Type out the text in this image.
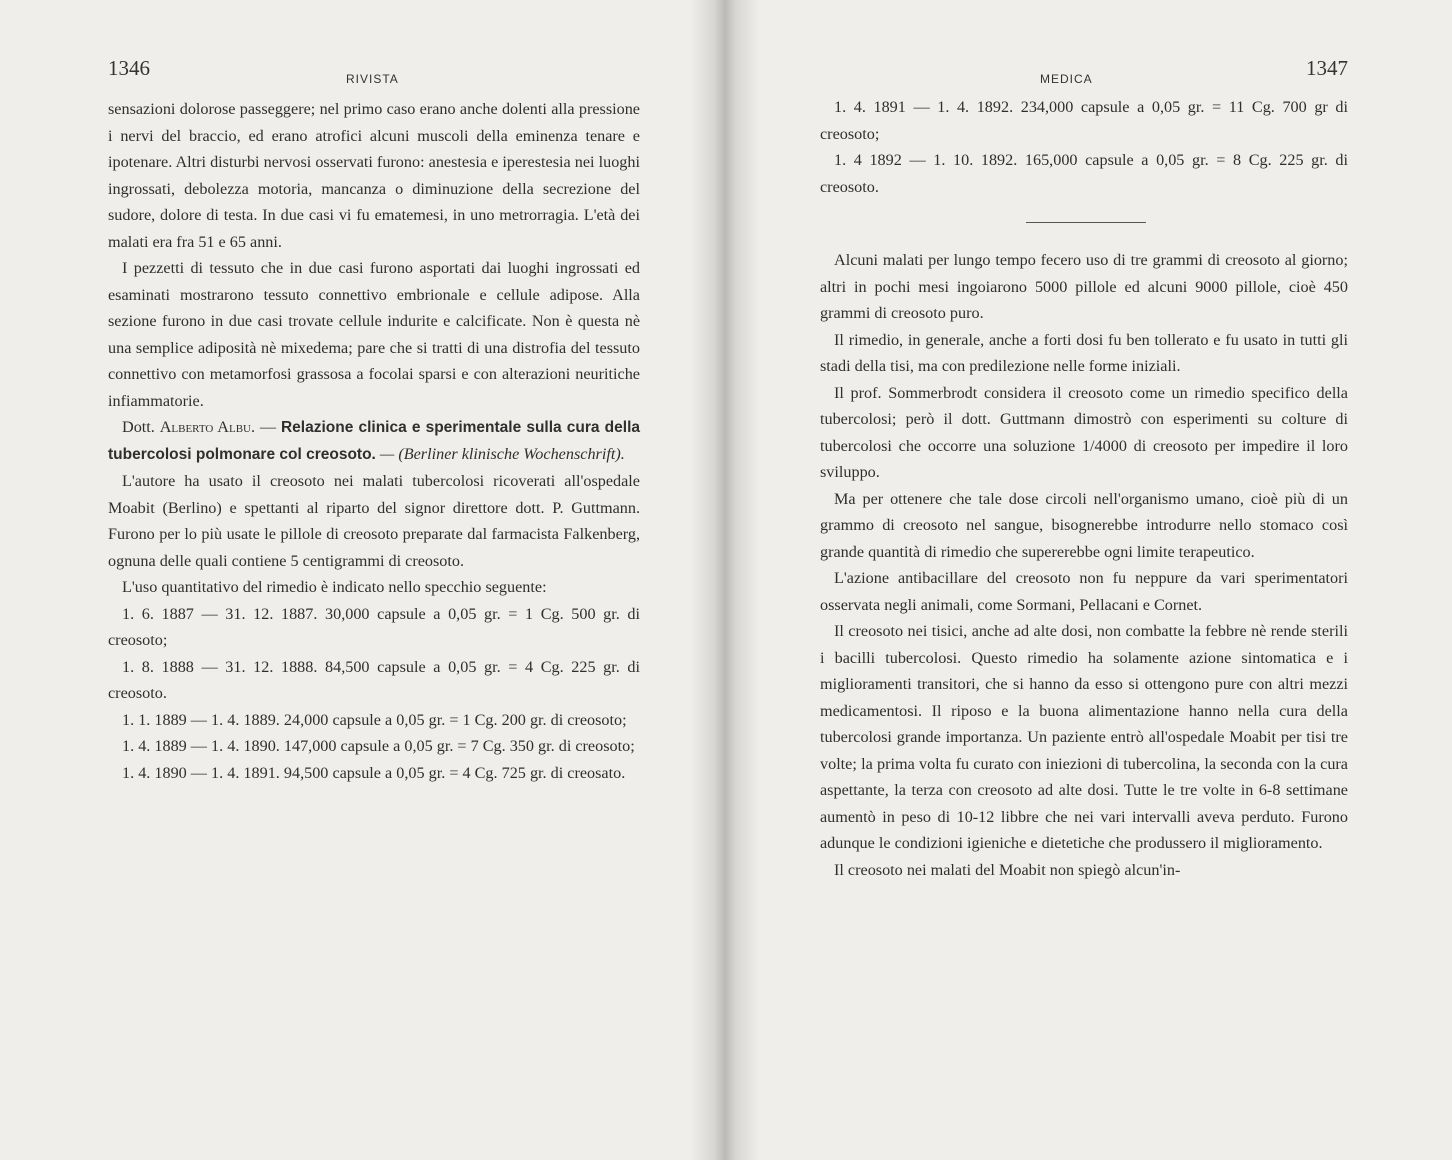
1346	RIVISTA

sensazioni dolorose passeggere; nel primo caso erano anche dolenti alla pressione i nervi del braccio, ed erano atrofici alcuni muscoli della eminenza tenare e ipotenare. Altri disturbi nervosi osservati furono: anestesia e iperestesia nei luoghi ingrossati, debolezza motoria, mancanza o diminuzione della secrezione del sudore, dolore di testa. In due casi vi fu ematemesi, in uno metrorragia. L'età dei malati era fra 51 e 65 anni.

I pezzetti di tessuto che in due casi furono asportati dai luoghi ingrossati ed esaminati mostrarono tessuto connettivo embrionale e cellule adipose. Alla sezione furono in due casi trovate cellule indurite e calcificate. Non è questa nè una semplice adiposità nè mixedema; pare che si tratti di una distrofia del tessuto connettivo con metamorfosi grassosa a focolai sparsi e con alterazioni neuritiche infiammatorie.

Dott. Alberto Albu. — Relazione clinica e sperimentale sulla cura della tubercolosi polmonare col creosoto. — (Berliner klinische Wochenschrift).

L'autore ha usato il creosoto nei malati tubercolosi ricoverati all'ospedale Moabit (Berlino) e spettanti al riparto del signor direttore dott. P. Guttmann. Furono per lo più usate le pillole di creosoto preparate dal farmacista Falkenberg, ognuna delle quali contiene 5 centigrammi di creosoto.

L'uso quantitativo del rimedio è indicato nello specchio seguente:

1. 6. 1887 — 31. 12. 1887. 30,000 capsule a 0,05 gr. = 1 Cg. 500 gr. di creosoto;

1. 8. 1888 — 31. 12. 1888. 84,500 capsule a 0,05 gr. = 4 Cg. 225 gr. di creosoto.

1. 1. 1889 — 1. 4. 1889. 24,000 capsule a 0,05 gr. = 1 Cg. 200 gr. di creosoto;

1. 4. 1889 — 1. 4. 1890. 147,000 capsule a 0,05 gr. = 7 Cg. 350 gr. di creosoto;

1. 4. 1890 — 1. 4. 1891. 94,500 capsule a 0,05 gr. = 4 Cg. 725 gr. di creosato.

MEDICA	1347

1. 4. 1891 — 1. 4. 1892. 234,000 capsule a 0,05 gr. = 11 Cg. 700 gr di creosoto;

1. 4 1892 — 1. 10. 1892. 165,000 capsule a 0,05 gr. = 8 Cg. 225 gr. di creosoto.

Alcuni malati per lungo tempo fecero uso di tre grammi di creosoto al giorno; altri in pochi mesi ingoiarono 5000 pillole ed alcuni 9000 pillole, cioè 450 grammi di creosoto puro.

Il rimedio, in generale, anche a forti dosi fu ben tollerato e fu usato in tutti gli stadi della tisi, ma con predilezione nelle forme iniziali.

Il prof. Sommerbrodt considera il creosoto come un rimedio specifico della tubercolosi; però il dott. Guttmann dimostrò con esperimenti su colture di tubercolosi che occorre una soluzione 1/4000 di creosoto per impedire il loro sviluppo.

Ma per ottenere che tale dose circoli nell'organismo umano, cioè più di un grammo di creosoto nel sangue, bisognerebbe introdurre nello stomaco così grande quantità di rimedio che supererebbe ogni limite terapeutico.

L'azione antibacillare del creosoto non fu neppure da vari sperimentatori osservata negli animali, come Sormani, Pellacani e Cornet.

Il creosoto nei tisici, anche ad alte dosi, non combatte la febbre nè rende sterili i bacilli tubercolosi. Questo rimedio ha solamente azione sintomatica e i miglioramenti transitori, che si hanno da esso si ottengono pure con altri mezzi medicamentosi. Il riposo e la buona alimentazione hanno nella cura della tubercolosi grande importanza. Un paziente entrò all'ospedale Moabit per tisi tre volte; la prima volta fu curato con iniezioni di tubercolina, la seconda con la cura aspettante, la terza con creosoto ad alte dosi. Tutte le tre volte in 6-8 settimane aumentò in peso di 10-12 libbre che nei vari intervalli aveva perduto. Furono adunque le condizioni igieniche e dietetiche che produssero il miglioramento.

Il creosoto nei malati del Moabit non spiegò alcun'in-
